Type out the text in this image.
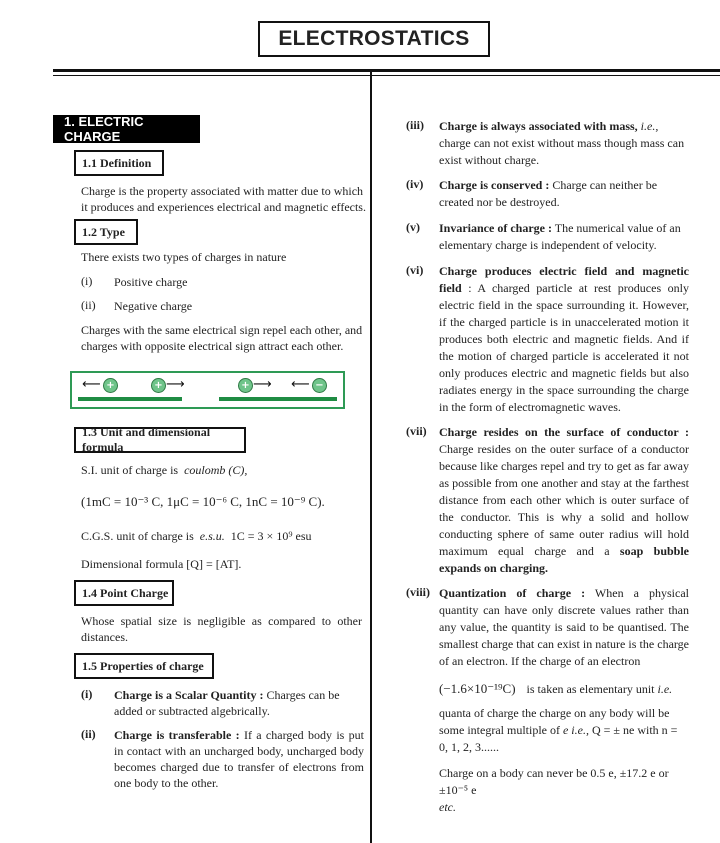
ELECTROSTATICS
1. ELECTRIC CHARGE
1.1 Definition
Charge is the property associated with matter due to which it produces and experiences electrical and magnetic effects.
1.2 Type
There exists two types of charges in nature
(i) Positive charge
(ii) Negative charge
Charges with the same electrical sign repel each other, and charges with opposite electrical sign attract each other.
⟵ +	+ ⟶	+ ⟶ ⟵ −
1.3 Unit and dimensional formula
S.I. unit of charge is coulomb (C),
(1mC = 10⁻³ C, 1μC = 10⁻⁶ C, 1nC = 10⁻⁹ C).
C.G.S. unit of charge is e.s.u. 1C = 3 × 10⁹ esu
Dimensional formula [Q] = [AT].
1.4 Point Charge
Whose spatial size is negligible as compared to other distances.
1.5 Properties of charge
(i) Charge is a Scalar Quantity : Charges can be added or subtracted algebrically.
(ii) Charge is transferable : If a charged body is put in contact with an uncharged body, uncharged body becomes charged due to transfer of electrons from one body to the other.
(iii) Charge is always associated with mass, i.e., charge can not exist without mass though mass can exist without charge.
(iv) Charge is conserved : Charge can neither be created nor be destroyed.
(v) Invariance of charge : The numerical value of an elementary charge is independent of velocity.
(vi) Charge produces electric field and magnetic field : A charged particle at rest produces only electric field in the space surrounding it. However, if the charged particle is in unaccelerated motion it produces both electric and magnetic fields. And if the motion of charged particle is accelerated it not only produces electric and magnetic fields but also radiates energy in the space surrounding the charge in the form of electromagnetic waves.
(vii) Charge resides on the surface of conductor : Charge resides on the outer surface of a conductor because like charges repel and try to get as far away as possible from one another and stay at the farthest distance from each other which is outer surface of the conductor. This is why a solid and hollow conducting sphere of same outer radius will hold maximum equal charge and a soap bubble expands on charging.
(viii) Quantization of charge : When a physical quantity can have only discrete values rather than any value, the quantity is said to be quantised. The smallest charge that can exist in nature is the charge of an electron. If the charge of an electron
(−1.6×10⁻¹⁹C) is taken as elementary unit i.e.
quanta of charge the charge on any body will be some integral multiple of e i.e., Q = ± ne with n = 0, 1, 2, 3......
Charge on a body can never be 0.5 e, ±17.2 e or ±10⁻⁵ e
etc.
